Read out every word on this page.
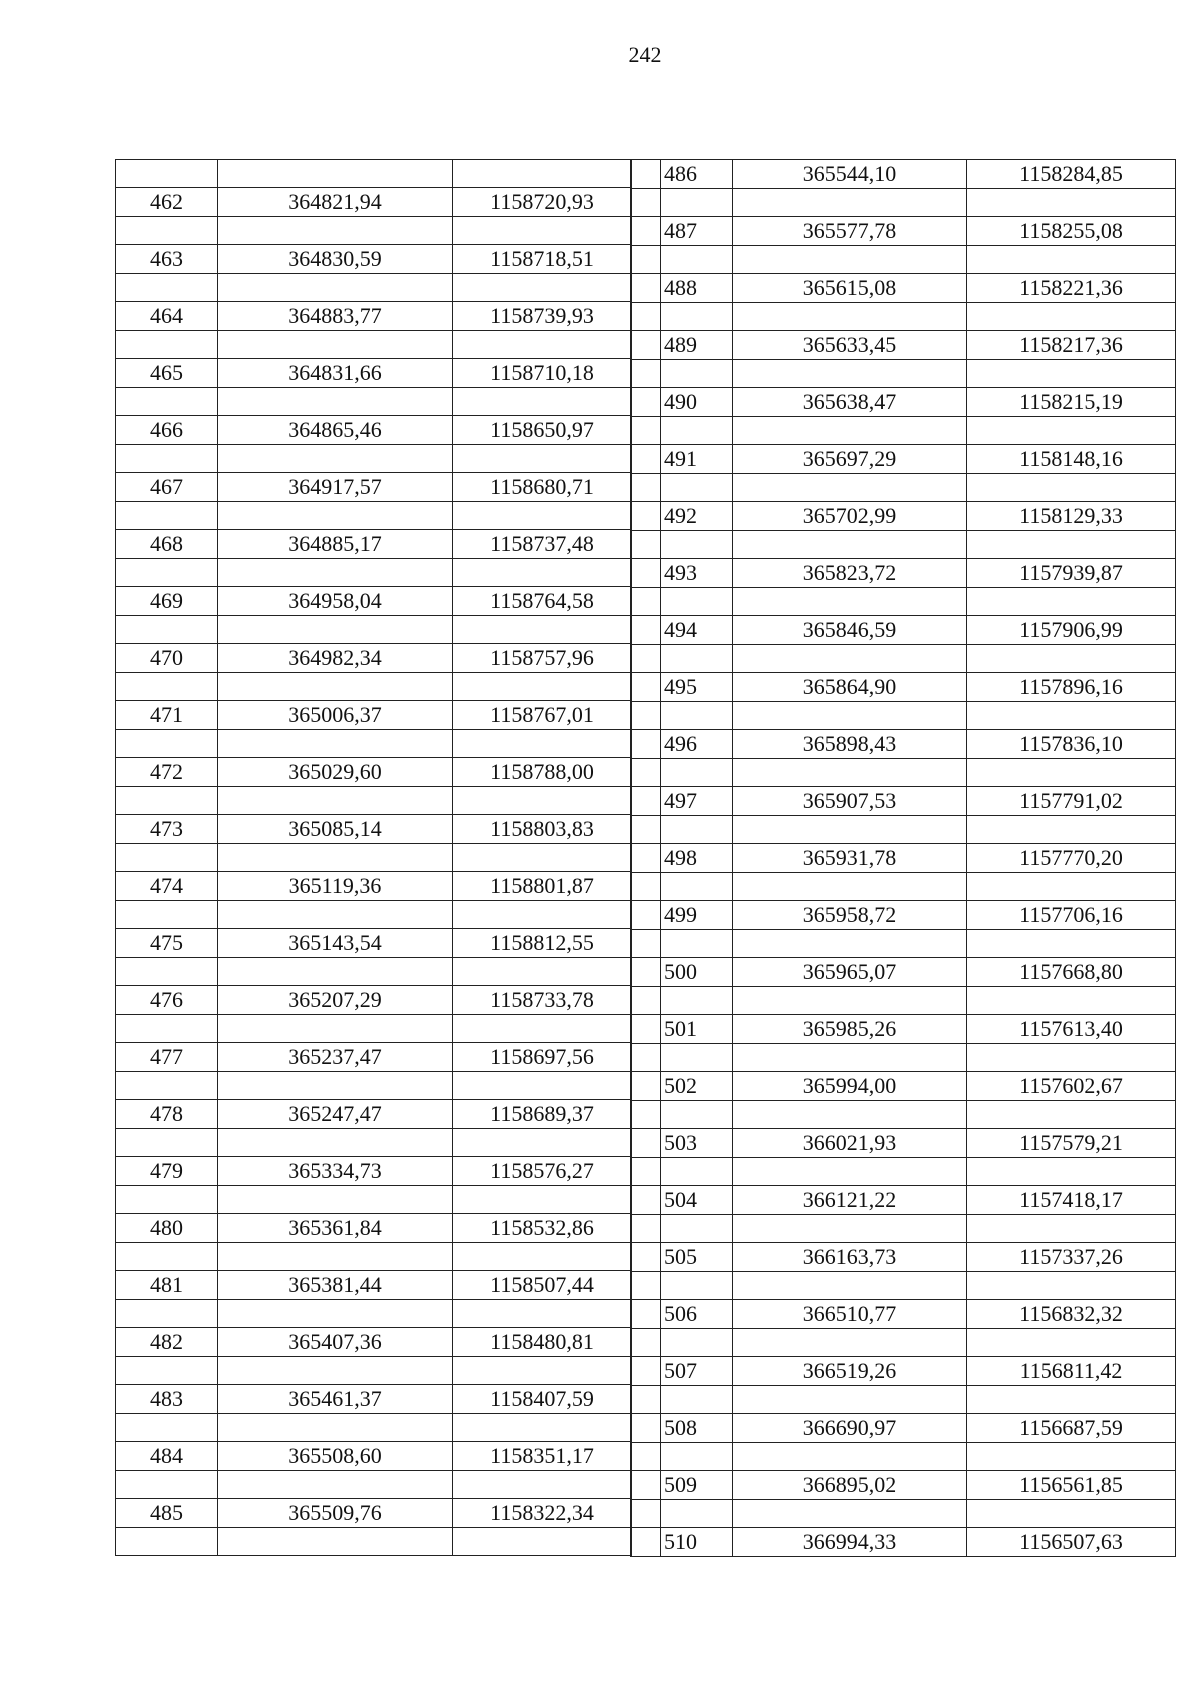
242

462	364821,94	1158720,93

463	364830,59	1158718,51

464	364883,77	1158739,93

465	364831,66	1158710,18

466	364865,46	1158650,97

467	364917,57	1158680,71

468	364885,17	1158737,48

469	364958,04	1158764,58

470	364982,34	1158757,96

471	365006,37	1158767,01

472	365029,60	1158788,00

473	365085,14	1158803,83

474	365119,36	1158801,87

475	365143,54	1158812,55

476	365207,29	1158733,78

477	365237,47	1158697,56

478	365247,47	1158689,37

479	365334,73	1158576,27

480	365361,84	1158532,86

481	365381,44	1158507,44

482	365407,36	1158480,81

483	365461,37	1158407,59

484	365508,60	1158351,17

485	365509,76	1158322,34

	486	365544,10	1158284,85

	487	365577,78	1158255,08

	488	365615,08	1158221,36

	489	365633,45	1158217,36

	490	365638,47	1158215,19

	491	365697,29	1158148,16

	492	365702,99	1158129,33

	493	365823,72	1157939,87

	494	365846,59	1157906,99

	495	365864,90	1157896,16

	496	365898,43	1157836,10

	497	365907,53	1157791,02

	498	365931,78	1157770,20

	499	365958,72	1157706,16

	500	365965,07	1157668,80

	501	365985,26	1157613,40

	502	365994,00	1157602,67

	503	366021,93	1157579,21

	504	366121,22	1157418,17

	505	366163,73	1157337,26

	506	366510,77	1156832,32

	507	366519,26	1156811,42

	508	366690,97	1156687,59

	509	366895,02	1156561,85

	510	366994,33	1156507,63
